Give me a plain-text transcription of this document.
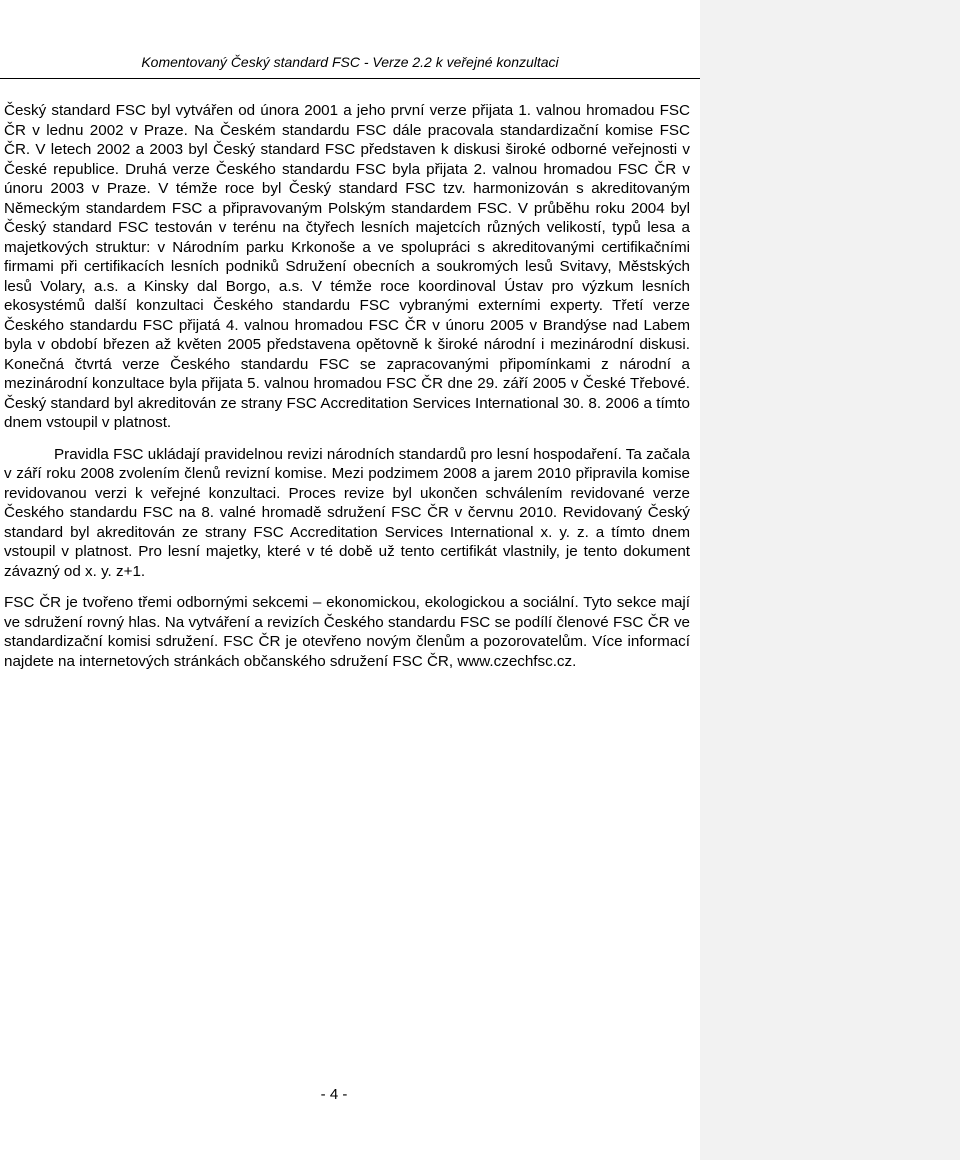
Komentovaný Český standard FSC - Verze 2.2 k veřejné konzultaci

Český standard FSC byl vytvářen od února 2001 a jeho první verze přijata 1. valnou hromadou FSC ČR v lednu 2002 v Praze. Na Českém standardu FSC dále pracovala standardizační komise FSC ČR. V letech 2002 a 2003 byl Český standard FSC představen k diskusi široké odborné veřejnosti v České republice. Druhá verze Českého standardu FSC byla přijata 2. valnou hromadou FSC ČR v únoru 2003 v Praze. V témže roce byl Český standard FSC tzv. harmonizován s akreditovaným Německým standardem FSC a připravovaným Polským standardem FSC. V průběhu roku 2004 byl Český standard FSC testován v terénu na čtyřech lesních majetcích různých velikostí, typů lesa a majetkových struktur: v Národním parku Krkonoše a ve spolupráci s akreditovanými certifikačními firmami při certifikacích lesních podniků Sdružení obecních a soukromých lesů Svitavy, Městských lesů Volary, a.s. a Kinsky dal Borgo, a.s. V témže roce koordinoval Ústav pro výzkum lesních ekosystémů další konzultaci Českého standardu FSC vybranými externími experty. Třetí verze Českého standardu FSC přijatá 4. valnou hromadou FSC ČR v únoru 2005 v Brandýse nad Labem byla v období březen až květen 2005 představena opětovně k široké národní i mezinárodní diskusi. Konečná čtvrtá verze Českého standardu FSC se zapracovanými připomínkami z národní a mezinárodní konzultace byla přijata 5. valnou hromadou FSC ČR dne 29. září 2005 v České Třebové. Český standard byl akreditován ze strany FSC Accreditation Services International 30. 8. 2006 a tímto dnem vstoupil v platnost.

Pravidla FSC ukládají pravidelnou revizi národních standardů pro lesní hospodaření. Ta začala v září roku 2008 zvolením členů revizní komise. Mezi podzimem 2008 a jarem 2010 připravila komise revidovanou verzi k veřejné konzultaci. Proces revize byl ukončen schválením revidované verze Českého standardu FSC na 8. valné hromadě sdružení FSC ČR v červnu 2010. Revidovaný Český standard byl akreditován ze strany FSC Accreditation Services International x. y. z. a tímto dnem vstoupil v platnost. Pro lesní majetky, které v té době už tento certifikát vlastnily, je tento dokument závazný od x. y. z+1.

FSC ČR je tvořeno třemi odbornými sekcemi – ekonomickou, ekologickou a sociální. Tyto sekce mají ve sdružení rovný hlas. Na vytváření a revizích Českého standardu FSC se podílí členové FSC ČR ve standardizační komisi sdružení. FSC ČR je otevřeno novým členům a pozorovatelům. Více informací najdete na internetových stránkách občanského sdružení FSC ČR, www.czechfsc.cz.

- 4 -
